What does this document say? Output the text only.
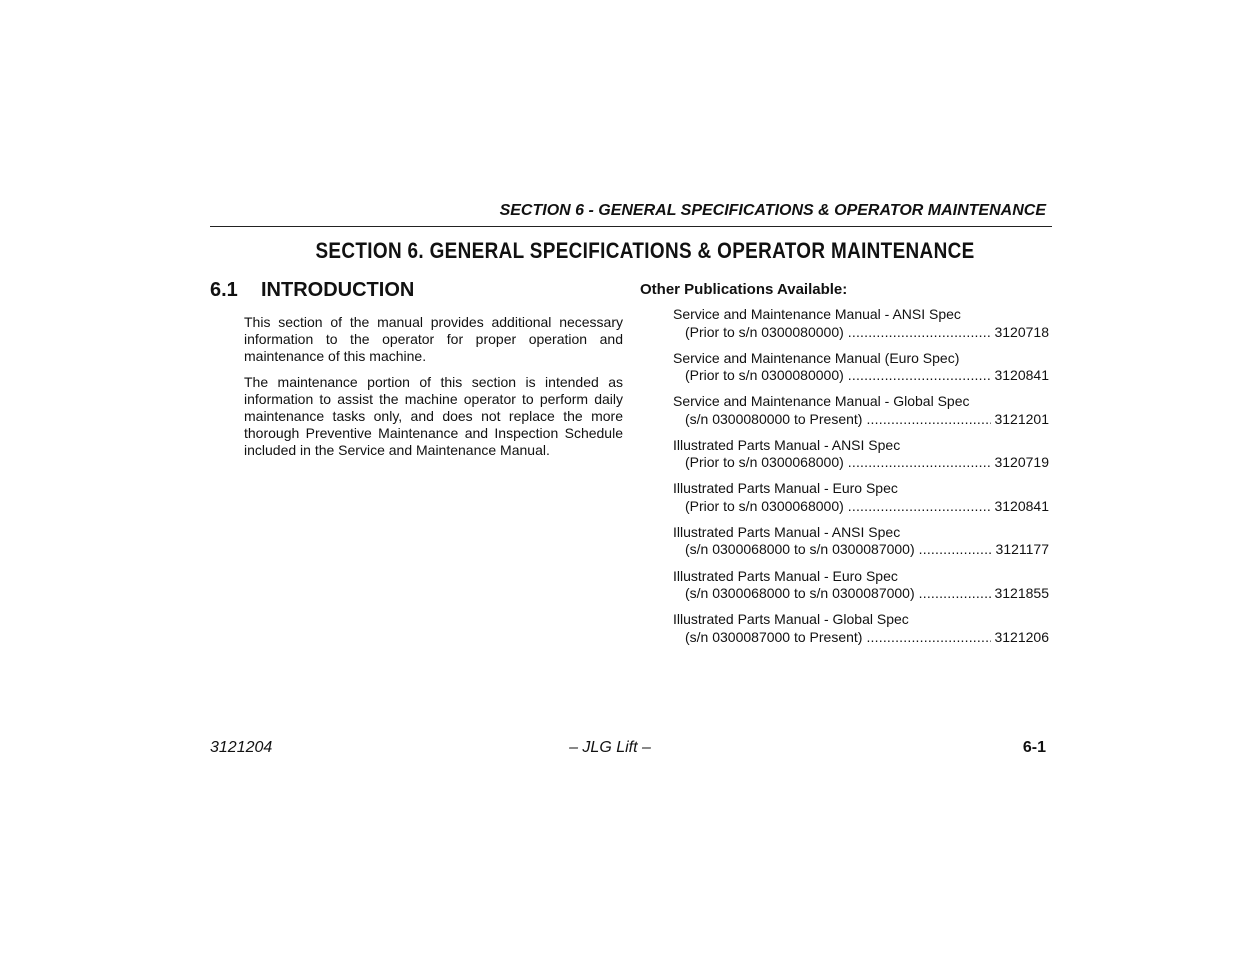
SECTION 6 - GENERAL SPECIFICATIONS & OPERATOR MAINTENANCE
SECTION 6. GENERAL SPECIFICATIONS & OPERATOR MAINTENANCE
6.1 INTRODUCTION

This section of the manual provides additional necessary information to the operator for proper operation and maintenance of this machine.

The maintenance portion of this section is intended as information to assist the machine operator to perform daily maintenance tasks only, and does not replace the more thorough Preventive Maintenance and Inspection Schedule included in the Service and Maintenance Manual.

Other Publications Available:
Service and Maintenance Manual - ANSI Spec
(Prior to s/n 0300080000) .....	3120718
Service and Maintenance Manual (Euro Spec)
(Prior to s/n 0300080000) .....	3120841
Service and Maintenance Manual - Global Spec
(s/n 0300080000 to Present) .....	3121201
Illustrated Parts Manual - ANSI Spec
(Prior to s/n 0300068000) .....	3120719
Illustrated Parts Manual - Euro Spec
(Prior to s/n 0300068000) .....	3120841
Illustrated Parts Manual - ANSI Spec
(s/n 0300068000 to s/n 0300087000) .....	3121177
Illustrated Parts Manual - Euro Spec
(s/n 0300068000 to s/n 0300087000) .....	3121855
Illustrated Parts Manual - Global Spec
(s/n 0300087000 to Present) .....	3121206
3121204	– JLG Lift –	6-1
